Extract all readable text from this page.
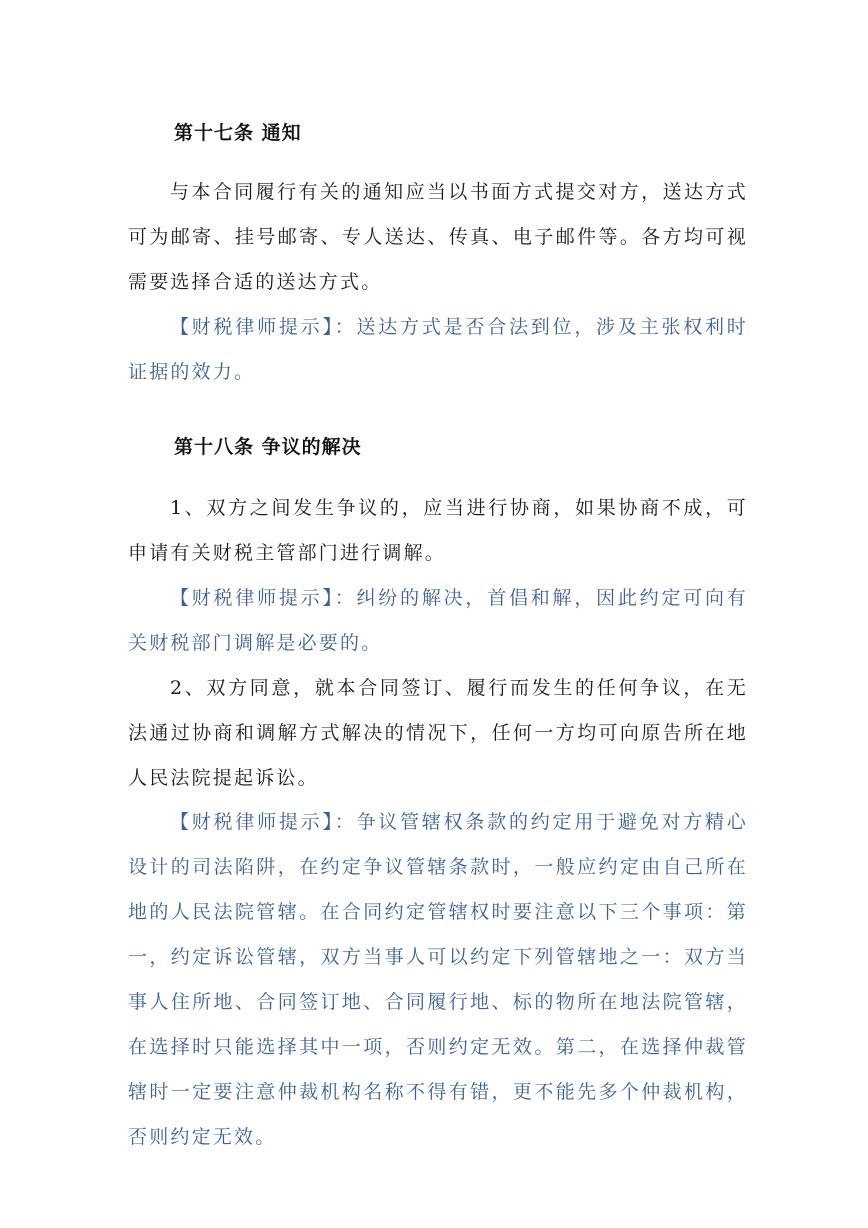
第十七条 通知
与本合同履行有关的通知应当以书面方式提交对方，送达方式可为邮寄、挂号邮寄、专人送达、传真、电子邮件等。各方均可视需要选择合适的送达方式。
【财税律师提示】：送达方式是否合法到位，涉及主张权利时证据的效力。
第十八条 争议的解决
1、双方之间发生争议的，应当进行协商，如果协商不成，可申请有关财税主管部门进行调解。
【财税律师提示】：纠纷的解决，首倡和解，因此约定可向有关财税部门调解是必要的。
2、双方同意，就本合同签订、履行而发生的任何争议，在无法通过协商和调解方式解决的情况下，任何一方均可向原告所在地人民法院提起诉讼。
【财税律师提示】：争议管辖权条款的约定用于避免对方精心设计的司法陷阱，在约定争议管辖条款时，一般应约定由自己所在地的人民法院管辖。在合同约定管辖权时要注意以下三个事项：第一，约定诉讼管辖，双方当事人可以约定下列管辖地之一：双方当事人住所地、合同签订地、合同履行地、标的物所在地法院管辖，在选择时只能选择其中一项，否则约定无效。第二，在选择仲裁管辖时一定要注意仲裁机构名称不得有错，更不能先多个仲裁机构，否则约定无效。
